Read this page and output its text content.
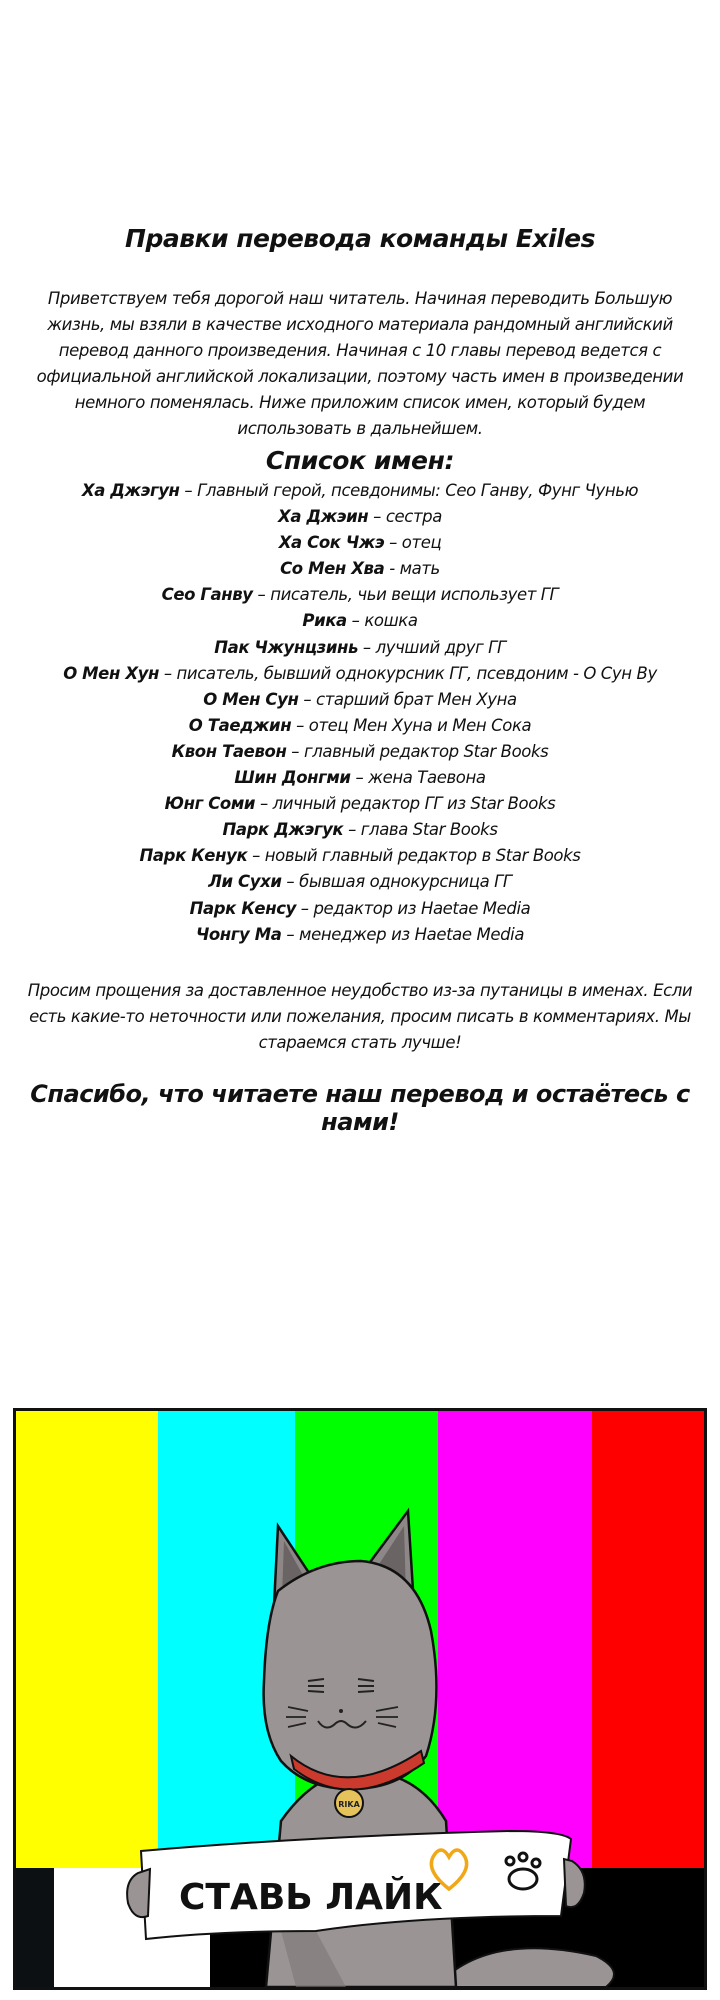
Правки перевода команды Exiles
Приветствуем тебя дорогой наш читатель. Начиная переводить Большую жизнь, мы взяли в качестве исходного материала рандомный английский перевод данного произведения. Начиная с 10 главы перевод ведется с официальной английской локализации, поэтому часть имен в произведении немного поменялась. Ниже приложим список имен, который будем использовать в дальнейшем.
Список имен:
Ха Джэгун – Главный герой, псевдонимы: Сео Ганву, Фунг Чунью
Ха Джэин – сестра
Ха Сок Чжэ – отец
Со Мен Хва - мать
Сео Ганву – писатель, чьи вещи использует ГГ
Рика – кошка
Пак Чжунцзинь – лучший друг ГГ
О Мен Хун – писатель, бывший однокурсник ГГ, псевдоним - О Сун Ву
О Мен Сун – старший брат Мен Хуна
О Таеджин – отец Мен Хуна и Мен Сока
Квон Таевон – главный редактор Star Books
Шин Донгми – жена Таевона
Юнг Соми – личный редактор ГГ из Star Books
Парк Джэгук – глава Star Books
Парк Кенук – новый главный редактор в Star Books
Ли Сухи – бывшая однокурсница ГГ
Парк Кенсу – редактор из Haetae Media
Чонгу Ма – менеджер из Haetae Media
Просим прощения за доставленное неудобство из-за путаницы в именах. Если есть какие-то неточности или пожелания, просим писать в комментариях. Мы стараемся стать лучше!
Спасибо, что читаете наш перевод и остаётесь с нами!
RIKA
СТАВЬ ЛАЙК
